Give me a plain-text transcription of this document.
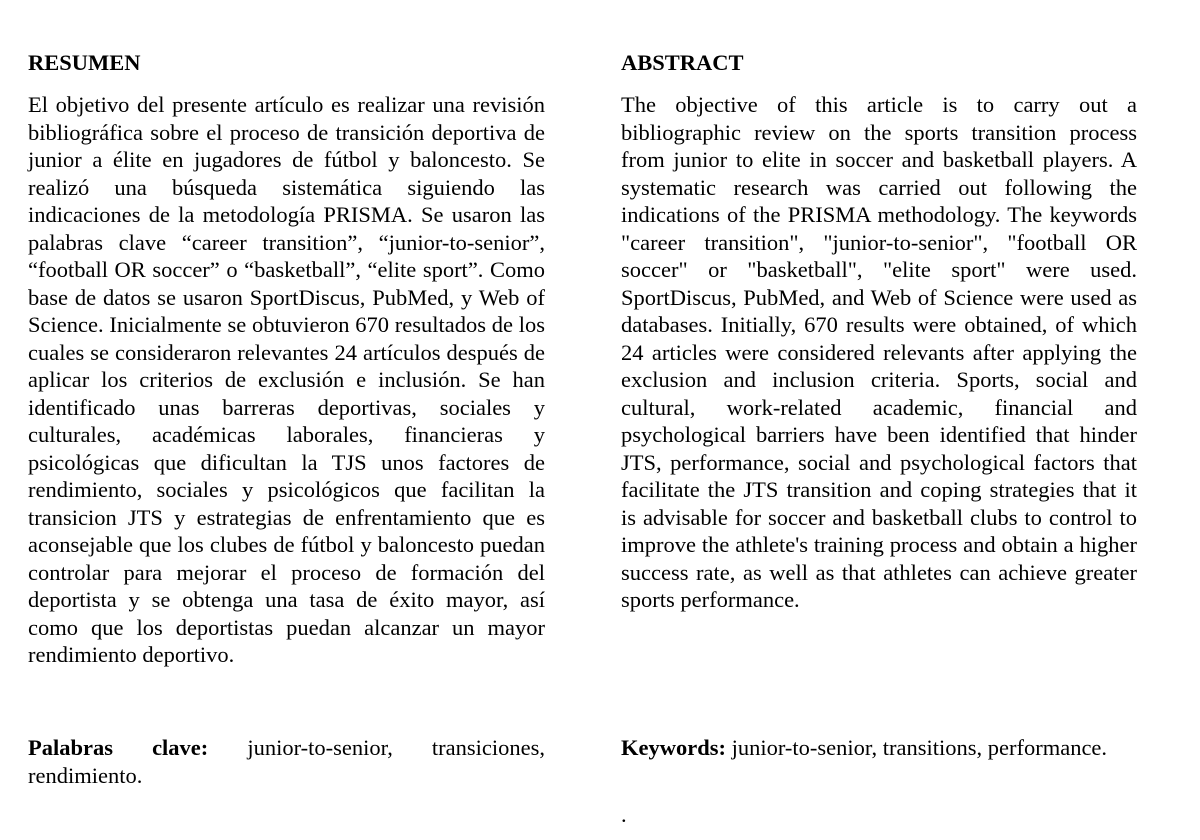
RESUMEN

El objetivo del presente artículo es realizar una revisión bibliográfica sobre el proceso de transición deportiva de junior a élite en jugadores de fútbol y baloncesto. Se realizó una búsqueda sistemática siguiendo las indicaciones de la metodología PRISMA. Se usaron las palabras clave “career transition”, “junior-to-senior”, “football OR soccer” o “basketball”, “elite sport”. Como base de datos se usaron SportDiscus, PubMed, y Web of Science. Inicialmente se obtuvieron 670 resultados de los cuales se consideraron relevantes 24 artículos después de aplicar los criterios de exclusión e inclusión. Se han identificado unas barreras deportivas, sociales y culturales, académicas laborales, financieras y psicológicas que dificultan la TJS unos factores de rendimiento, sociales y psicológicos que facilitan la transicion JTS y estrategias de enfrentamiento que es aconsejable que los clubes de fútbol y baloncesto puedan controlar para mejorar el proceso de formación del deportista y se obtenga una tasa de éxito mayor, así como que los deportistas puedan alcanzar un mayor rendimiento deportivo.

ABSTRACT

The objective of this article is to carry out a bibliographic review on the sports transition process from junior to elite in soccer and basketball players. A systematic research was carried out following the indications of the PRISMA methodology. The keywords "career transition", "junior-to-senior", "football OR soccer" or "basketball", "elite sport" were used. SportDiscus, PubMed, and Web of Science were used as databases. Initially, 670 results were obtained, of which 24 articles were considered relevants after applying the exclusion and inclusion criteria. Sports, social and cultural, work-related academic, financial and psychological barriers have been identified that hinder JTS, performance, social and psychological factors that facilitate the JTS transition and coping strategies that it is advisable for soccer and basketball clubs to control to improve the athlete's training process and obtain a higher success rate, as well as that athletes can achieve greater sports performance.

Palabras clave: junior-to-senior, transiciones, rendimiento.

Keywords: junior-to-senior, transitions, performance.

.
